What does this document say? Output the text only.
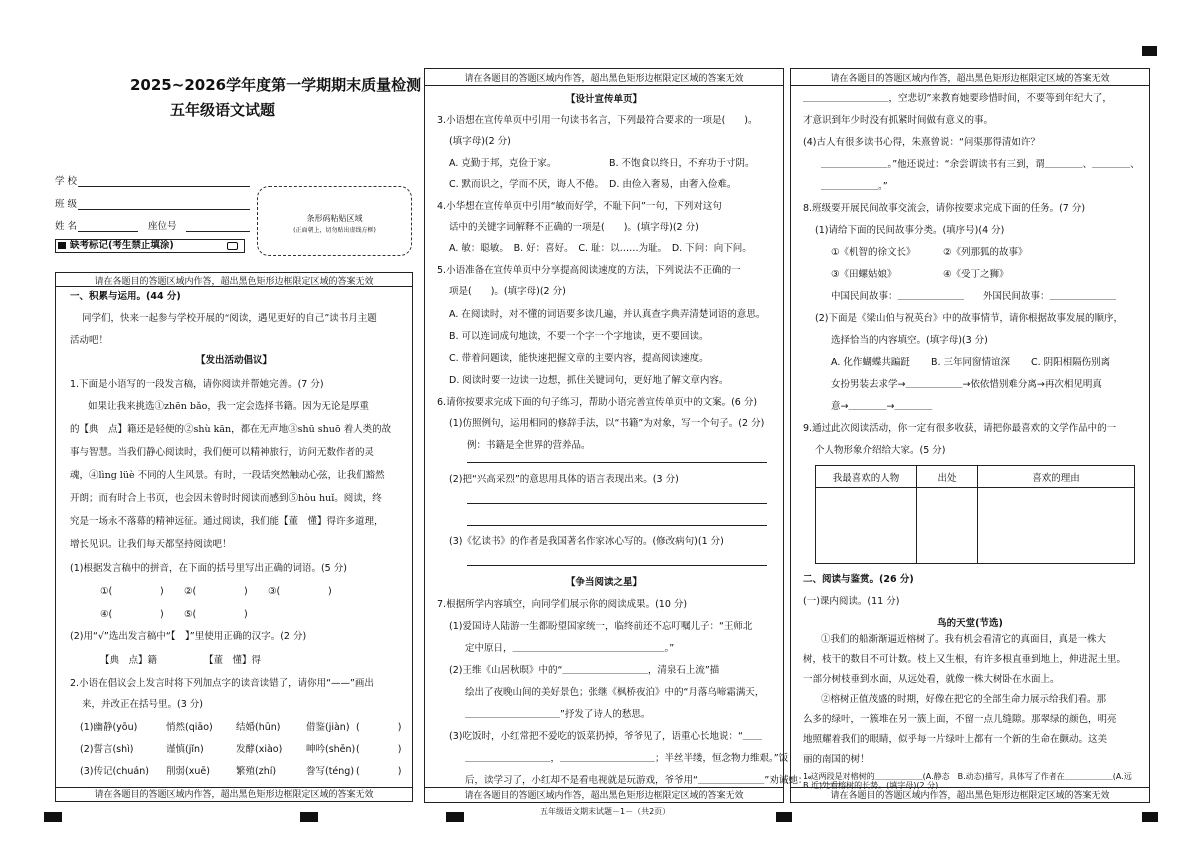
2025~2026学年度第一学期期末质量检测
五年级语文试题
学 校
班 级
姓 名	座位号
缺考标记(考生禁止填涂)
条形码粘贴区域
(正面朝上，切勿贴出虚线方框)
请在各题目的答题区域内作答，超出黑色矩形边框限定区域的答案无效
一、积累与运用。(44 分)
同学们，快来一起参与学校开展的“阅读，遇见更好的自己”读书月主题
活动吧！
【发出活动倡议】
1.下面是小语写的一段发言稿，请你阅读并帮她完善。(7 分)
如果让我来挑选①zhēn bǎo，我一定会选择书籍。因为无论是厚重
的【典　点】籍还是轻便的②shù kān，都在无声地③shū shuō 着人类的故
事与智慧。当我们静心阅读时，我们便可以精神旅行，访问无数作者的灵
魂，④lìng lüè 不同的人生风景。有时，一段话突然触动心弦，让我们豁然
开朗；而有时合上书页，也会因未曾时时阅读而感到⑤hòu huǐ。阅读，终
究是一场永不落幕的精神远征。通过阅读，我们能【董　懂】得许多道理，
增长见识。让我们每天都坚持阅读吧！
(1)根据发言稿中的拼音，在下面的括号里写出正确的词语。(5 分)
①(	) ②(	) ③(	)
④(	) ⑤(	)
(2)用“√”选出发言稿中“【　】”里使用正确的汉字。(2 分)
【典　点】籍	【董　懂】得
2.小语在倡议会上发言时将下列加点字的读音读错了，请你用“——”画出
来，并改正在括号里。(3 分)
(1)幽静(yōu)	悄然(qiāo) 结婚(hūn)	借鉴(jiàn) (　　　　)
(2)誓言(shì)	谨慎(jǐn)	发酵(xiào) 呻吟(shēn) (　　　　)
(3)传记(chuán) 削弱(xuē)	繁殖(zhí)	誊写(téng) (　　　　)
请在各题目的答题区域内作答，超出黑色矩形边框限定区域的答案无效
请在各题目的答题区域内作答，超出黑色矩形边框限定区域的答案无效
【设计宣传单页】
3.小语想在宣传单页中引用一句读书名言，下列最符合要求的一项是(　　)。
(填字母)(2 分)
A. 克勤于邦，克俭于家。	B. 不饱食以终日，不弃功于寸阴。
C. 默而识之，学而不厌，诲人不倦。 D. 由俭入奢易，由奢入俭难。
4.小华想在宣传单页中引用“敏而好学，不耻下问”一句，下列对这句
话中的关键字词解释不正确的一项是(　　)。(填字母)(2 分)
A. 敏：聪敏。　B. 好：喜好。　C. 耻：以……为耻。　D. 下问：向下问。
5.小语准备在宣传单页中分享提高阅读速度的方法，下列说法不正确的一
项是(　　)。(填字母)(2 分)
A. 在阅读时，对不懂的词语要多读几遍，并认真查字典弄清楚词语的意思。
B. 可以连词成句地读，不要一个字一个字地读，更不要回读。
C. 带着问题读，能快速把握文章的主要内容，提高阅读速度。
D. 阅读时要一边读一边想，抓住关键词句，更好地了解文章内容。
6.请你按要求完成下面的句子练习，帮助小语完善宣传单页中的文案。(6 分)
(1)仿照例句，运用相同的修辞手法，以“书籍”为对象，写一个句子。(2 分)
例：书籍是全世界的营养品。
(2)把“兴高采烈”的意思用具体的语言表现出来。(3 分)
(3)《忆读书》的作者是我国著名作家冰心写的。(修改病句)(1 分)
【争当阅读之星】
7.根据所学内容填空，向同学们展示你的阅读成果。(10 分)
(1)爱国诗人陆游一生都盼望国家统一，临终前还不忘叮嘱儿子：“王师北
定中原日，＿＿＿＿＿＿＿＿＿＿＿＿＿＿＿＿。”
(2)王维《山居秋暝》中的“＿＿＿＿＿＿＿＿＿，清泉石上流”描
绘出了夜晚山间的美好景色；张继《枫桥夜泊》中的“月落乌啼霜满天，
＿＿＿＿＿＿＿＿＿＿”抒发了诗人的愁思。
(3)吃饭时，小红常把不爱吃的饭菜扔掉，爷爷见了，语重心长地说：“＿＿
＿＿＿＿＿＿＿＿＿，＿＿＿＿＿＿＿＿＿＿；半丝半缕，恒念物力维艰。”饭
后，读学习了，小红却不是看电视就是玩游戏，爷爷用“＿＿＿＿＿＿＿”劝诫她：“＿＿＿
请在各题目的答题区域内作答，超出黑色矩形边框限定区域的答案无效
请在各题目的答题区域内作答，超出黑色矩形边框限定区域的答案无效
＿＿＿＿＿＿＿＿＿，空悲切”来教育她要珍惜时间，不要等到年纪大了，
才意识到年少时没有抓紧时间做有意义的事。
(4)古人有很多读书心得，朱熹曾说：“问渠那得清如许？
＿＿＿＿＿＿＿。”他还说过：“余尝谓读书有三到，谓＿＿＿＿、＿＿＿＿、
＿＿＿＿＿＿。”
8.班级要开展民间故事交流会，请你按要求完成下面的任务。(7 分)
(1)请给下面的民间故事分类。(填序号)(4 分)
①《机智的徐文长》	②《列那狐的故事》
③《田螺姑娘》	④《受丁之狮》
中国民间故事：＿＿＿＿＿＿＿　　外国民间故事：＿＿＿＿＿＿＿
(2)下面是《梁山伯与祝英台》中的故事情节，请你根据故事发展的顺序，
选择恰当的内容填空。(填字母)(3 分)
A. 化作蝴蝶共蹁跹 B. 三年同窗情谊深 C. 阴阳相隔伤别离
女扮男装去求学→＿＿＿＿＿＿→依依惜别难分离→再次相见明真
意→＿＿＿＿→＿＿＿＿
9.通过此次阅读活动，你一定有很多收获，请把你最喜欢的文学作品中的一
个人物形象介绍给大家。(5 分)
我最喜欢的人物	出处	喜欢的理由

二、阅读与鉴赏。(26 分)
(一)课内阅读。(11 分)
鸟的天堂(节选)
①我们的船渐渐逼近榕树了。我有机会看清它的真面目，真是一株大
树，枝干的数目不可计数。枝上又生根，有许多根直垂到地上，伸进泥土里。
一部分树枝垂到水面，从远处看，就像一株大树卧在水面上。
②榕树正值茂盛的时期，好像在把它的全部生命力展示给我们看。那
么多的绿叶，一簇堆在另一簇上面，不留一点儿缝隙。那翠绿的颜色，明亮
地照耀着我们的眼睛，似乎每一片绿叶上都有一个新的生命在颤动。这美
丽的南国的树！
1.这两段是对榕树的＿＿＿＿＿＿(A.静态　B.动态)描写，具体写了作者在＿＿＿＿＿＿(A.远　B.近)处看榕树的长势。(填字母)(2 分)
请在各题目的答题区域内作答，超出黑色矩形边框限定区域的答案无效
五年级语文期末试题－1－（共2页）
